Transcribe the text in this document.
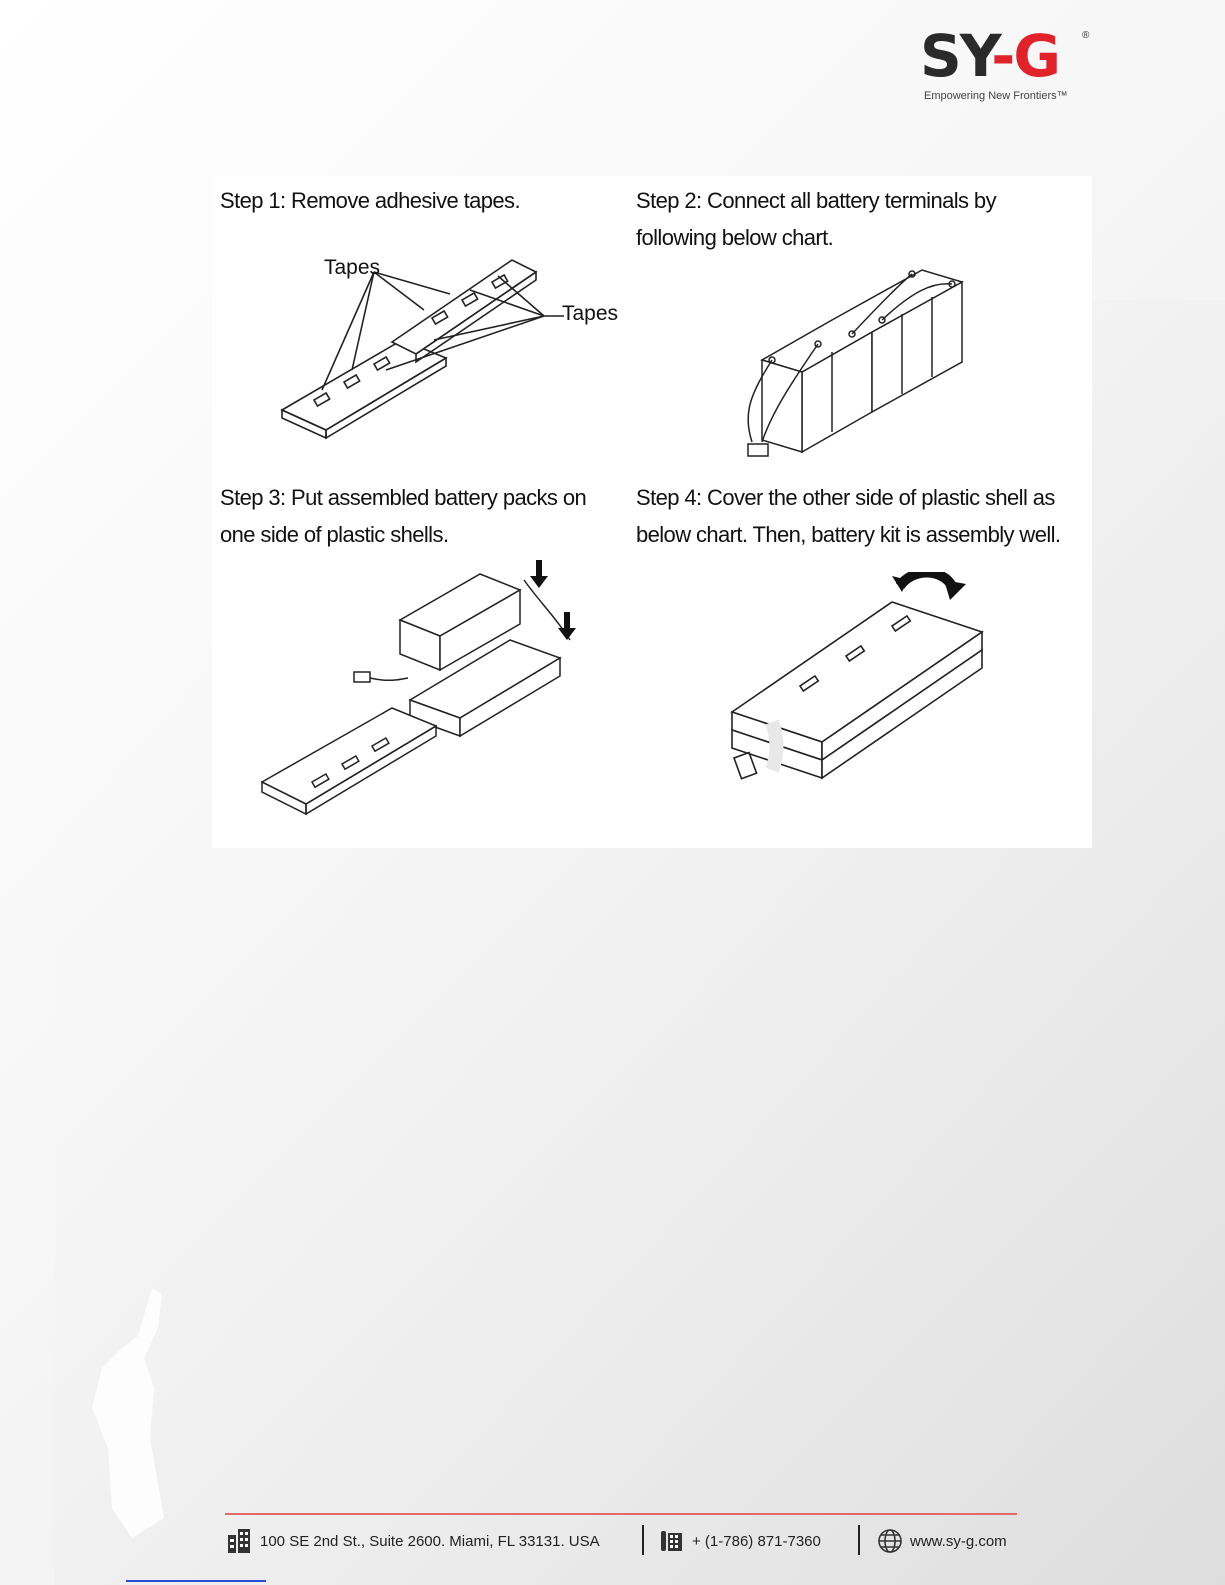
SY-G ®
Empowering New Frontiers™
Step 1: Remove adhesive tapes.	Step 2: Connect all battery terminals by
following below chart.
Step 3: Put assembled battery packs on
one side of plastic shells.
Step 4: Cover the other side of plastic shell as
below chart. Then, battery kit is assembly well.
Tapes
Tapes
100 SE 2nd St., Suite 2600. Miami, FL 33131. USA	+ (1-786) 871-7360	www.sy-g.com
